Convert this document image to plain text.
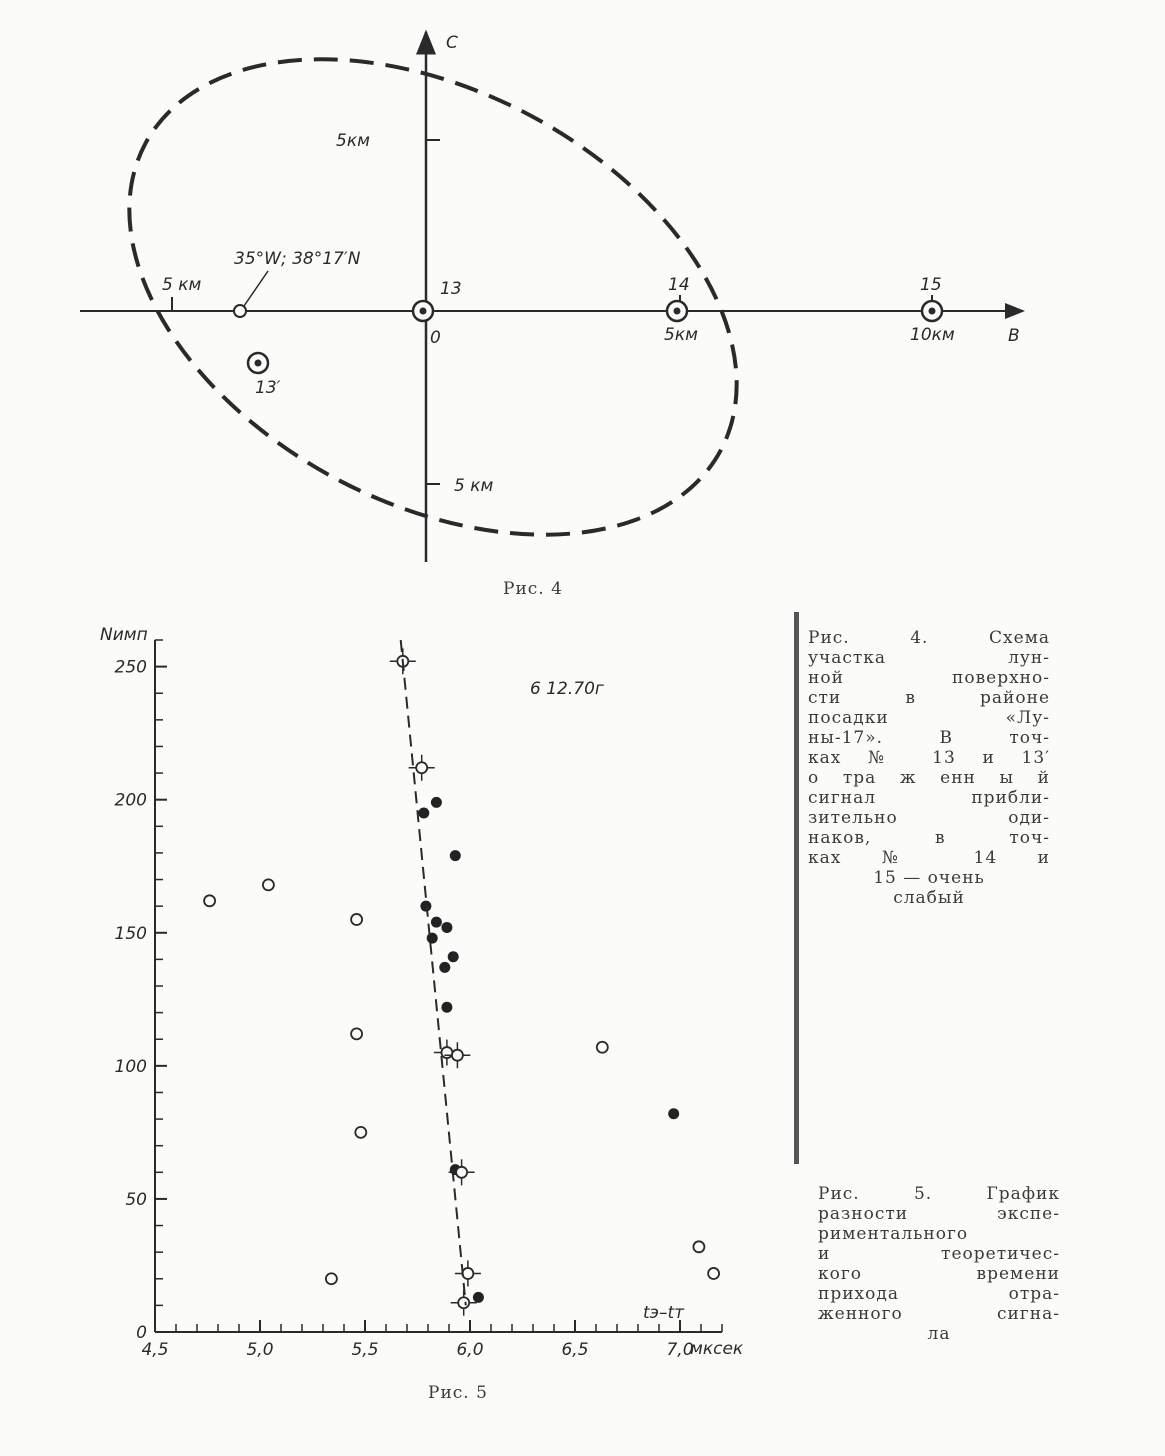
С
В
5км
5 км
5 км
35°W; 38°17′N
13
0
14
5км
15
10км
13′
Рис. 4
0
50
100
150
200
250
4,5	5,0	5,5	6,0	6,5	7,0
Nимп
tэ–tт
мксек
6 12.70г
Рис. 5
Рис. 4. Схема
участка лун-
ной поверхно-
сти в районе
посадки «Лу-
ны-17». В точ-
ках № 13 и 13′
о тра ж енн ы й
сигнал прибли-
зительно оди-
наков, в точ-
ках № 14 и
15 — очень
слабый
Рис. 5. График
разности экспе-
риментального
и теоретичес-
кого времени
прихода отра-
женного сигна-
ла
